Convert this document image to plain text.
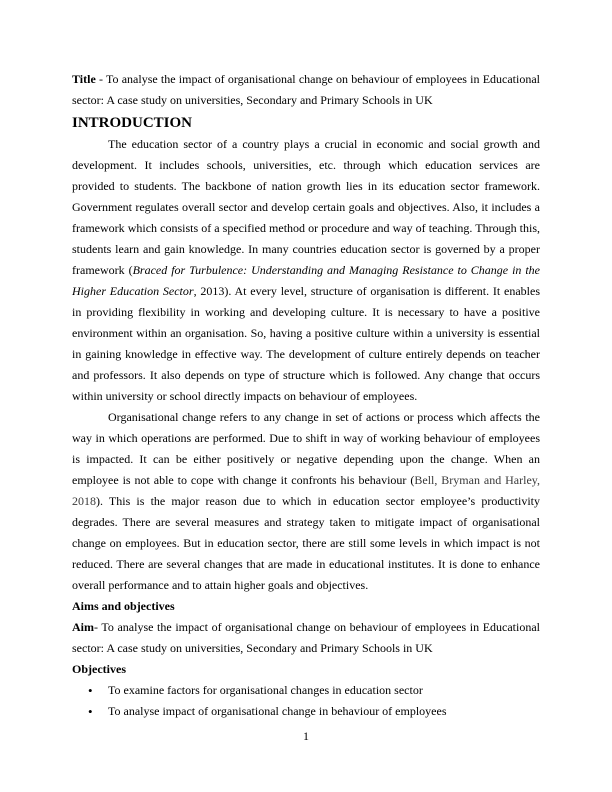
Title - To analyse the impact of organisational change on behaviour of employees in Educational sector: A case study on universities, Secondary and Primary Schools in UK

INTRODUCTION

The education sector of a country plays a crucial in economic and social growth and development. It includes schools, universities, etc. through which education services are provided to students. The backbone of nation growth lies in its education sector framework. Government regulates overall sector and develop certain goals and objectives. Also, it includes a framework which consists of a specified method or procedure and way of teaching. Through this, students learn and gain knowledge. In many countries education sector is governed by a proper framework (Braced for Turbulence: Understanding and Managing Resistance to Change in the Higher Education Sector, 2013). At every level, structure of organisation is different. It enables in providing flexibility in working and developing culture. It is necessary to have a positive environment within an organisation. So, having a positive culture within a university is essential in gaining knowledge in effective way. The development of culture entirely depends on teacher and professors. It also depends on type of structure which is followed. Any change that occurs within university or school directly impacts on behaviour of employees.

Organisational change refers to any change in set of actions or process which affects the way in which operations are performed. Due to shift in way of working behaviour of employees is impacted. It can be either positively or negative depending upon the change. When an employee is not able to cope with change it confronts his behaviour (Bell, Bryman and Harley, 2018). This is the major reason due to which in education sector employee’s productivity degrades. There are several measures and strategy taken to mitigate impact of organisational change on employees. But in education sector, there are still some levels in which impact is not reduced. There are several changes that are made in educational institutes. It is done to enhance overall performance and to attain higher goals and objectives.

Aims and objectives

Aim- To analyse the impact of organisational change on behaviour of employees in Educational sector: A case study on universities, Secondary and Primary Schools in UK

Objectives
• To examine factors for organisational changes in education sector
• To analyse impact of organisational change in behaviour of employees
1
